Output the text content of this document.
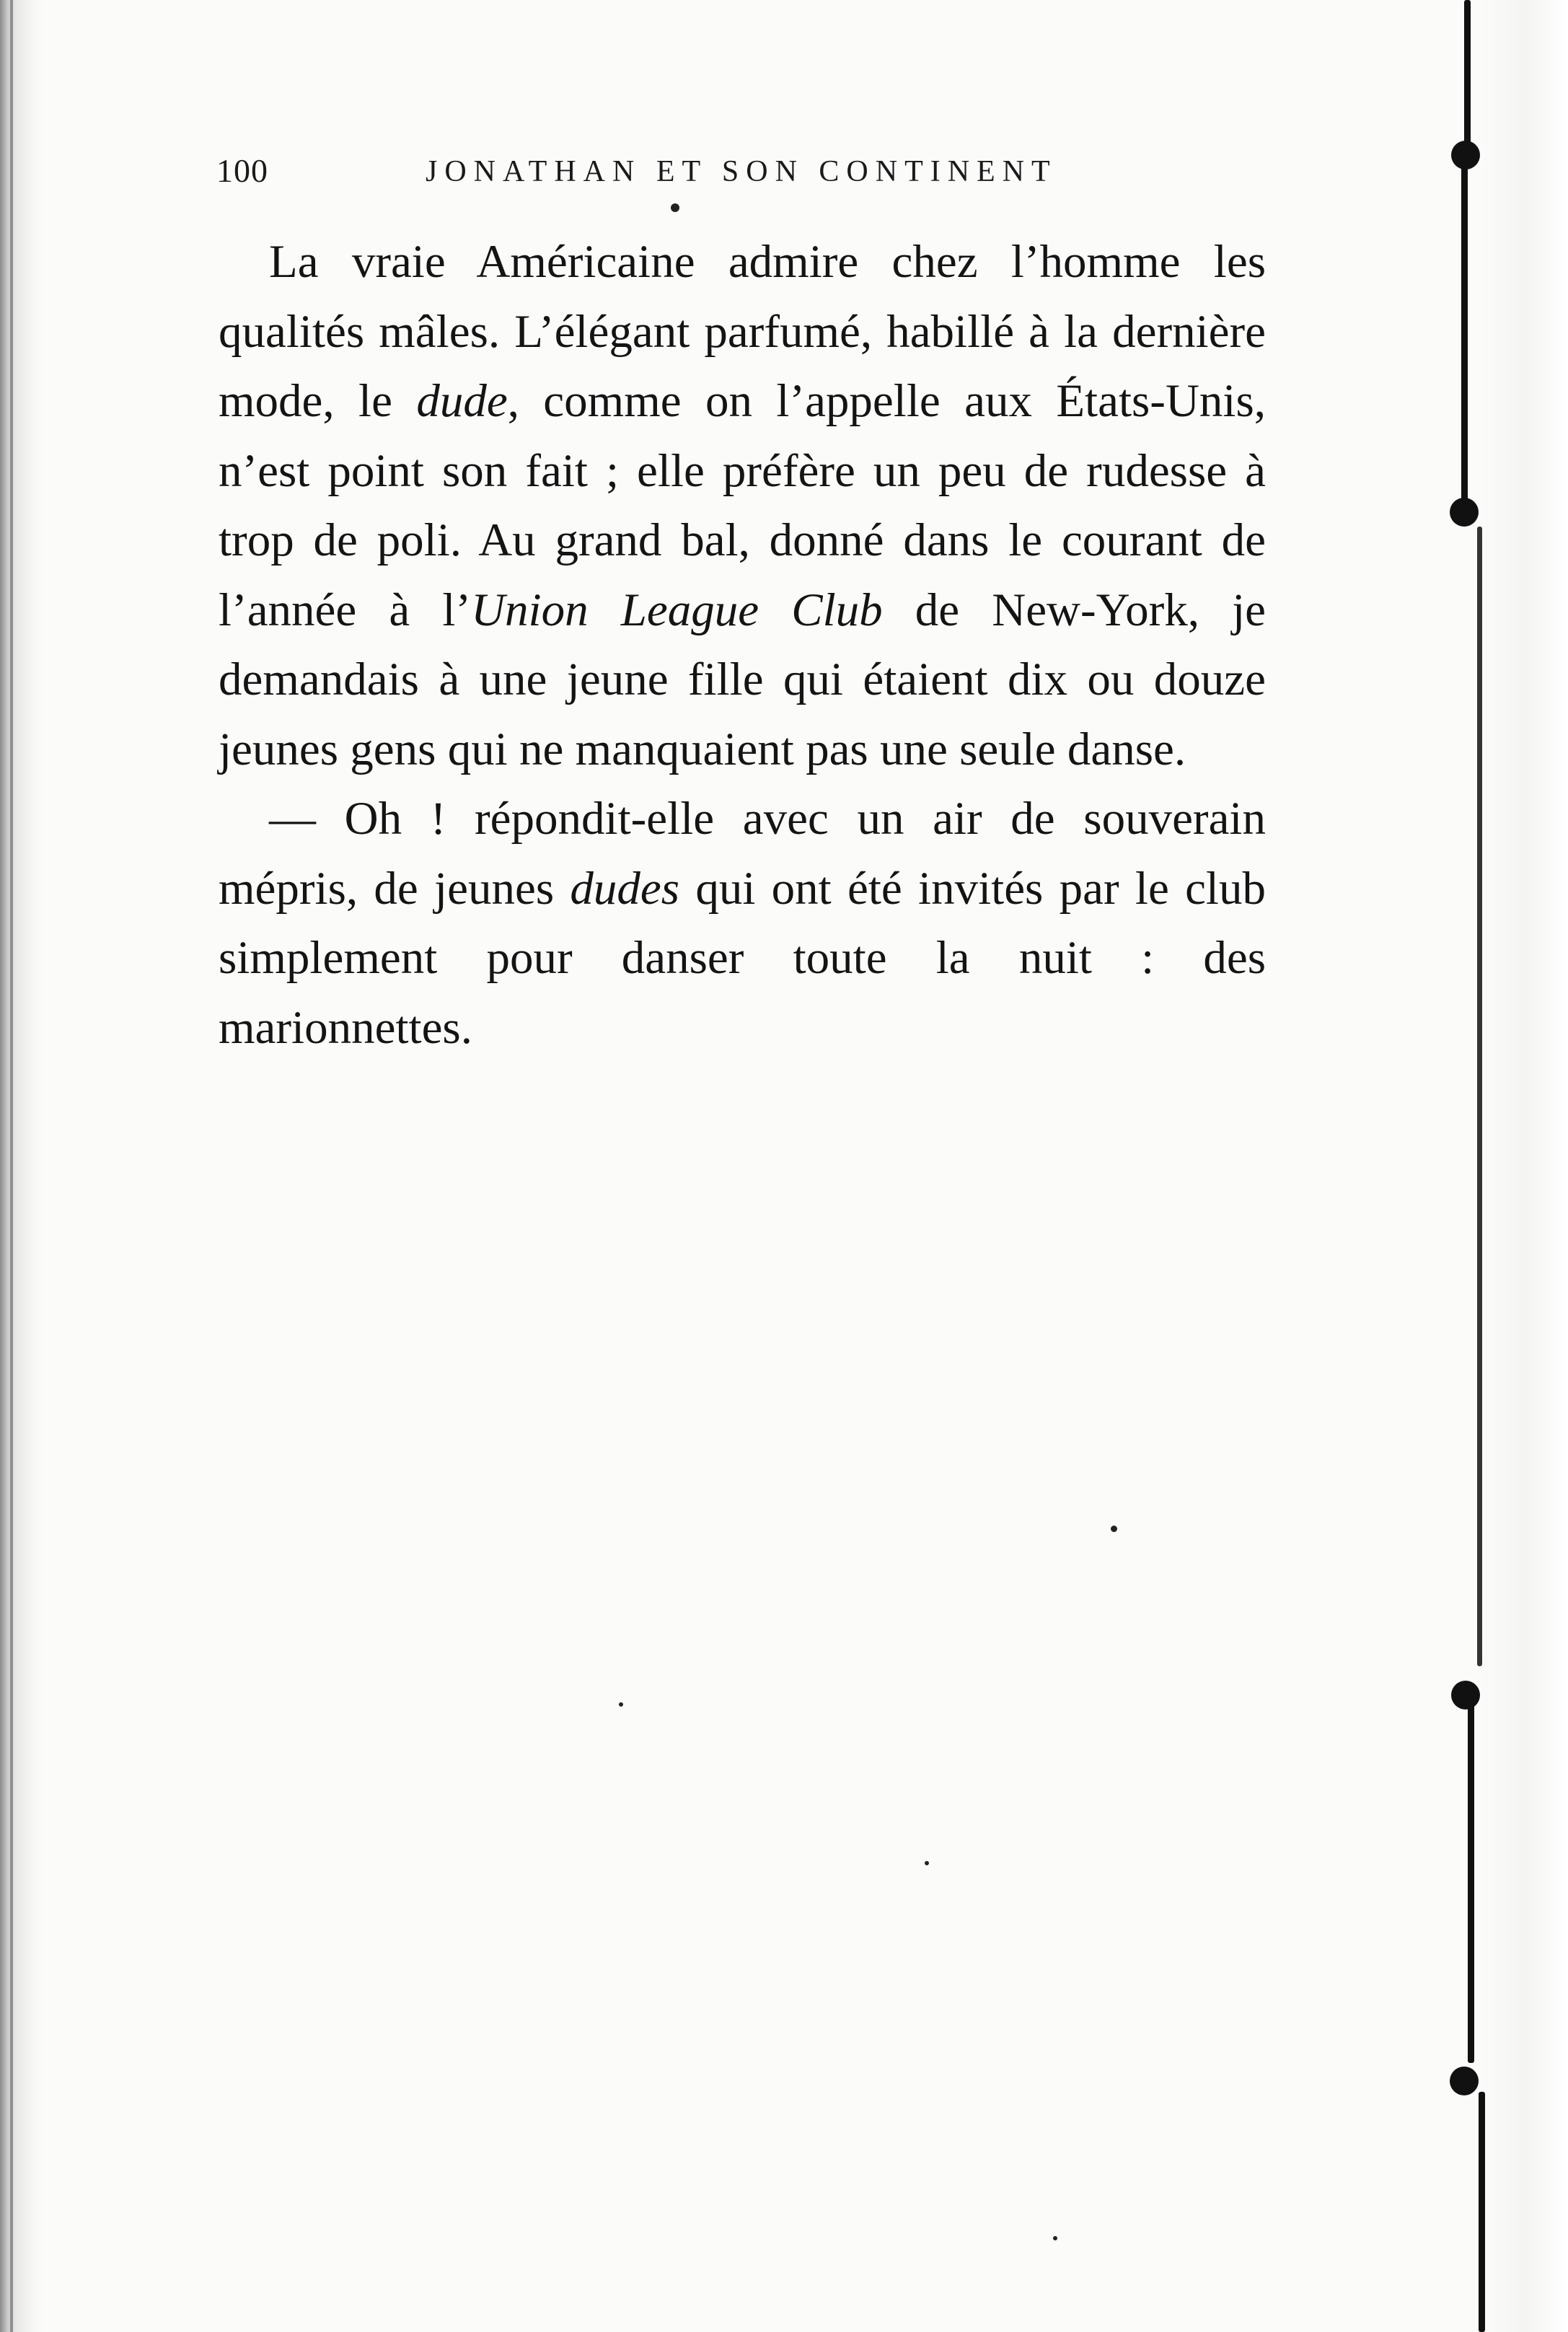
100	JONATHAN ET SON CONTINENT

La vraie Américaine admire chez l’homme les qualités mâles. L’élégant parfumé, habillé à la dernière mode, le dude, comme on l’appelle aux États-Unis, n’est point son fait ; elle préfère un peu de rudesse à trop de poli. Au grand bal, donné dans le courant de l’année à l’Union League Club de New-York, je demandais à une jeune fille qui étaient dix ou douze jeunes gens qui ne manquaient pas une seule danse.

— Oh ! répondit-elle avec un air de souverain mépris, de jeunes dudes qui ont été invités par le club simplement pour danser toute la nuit : des marionnettes.
